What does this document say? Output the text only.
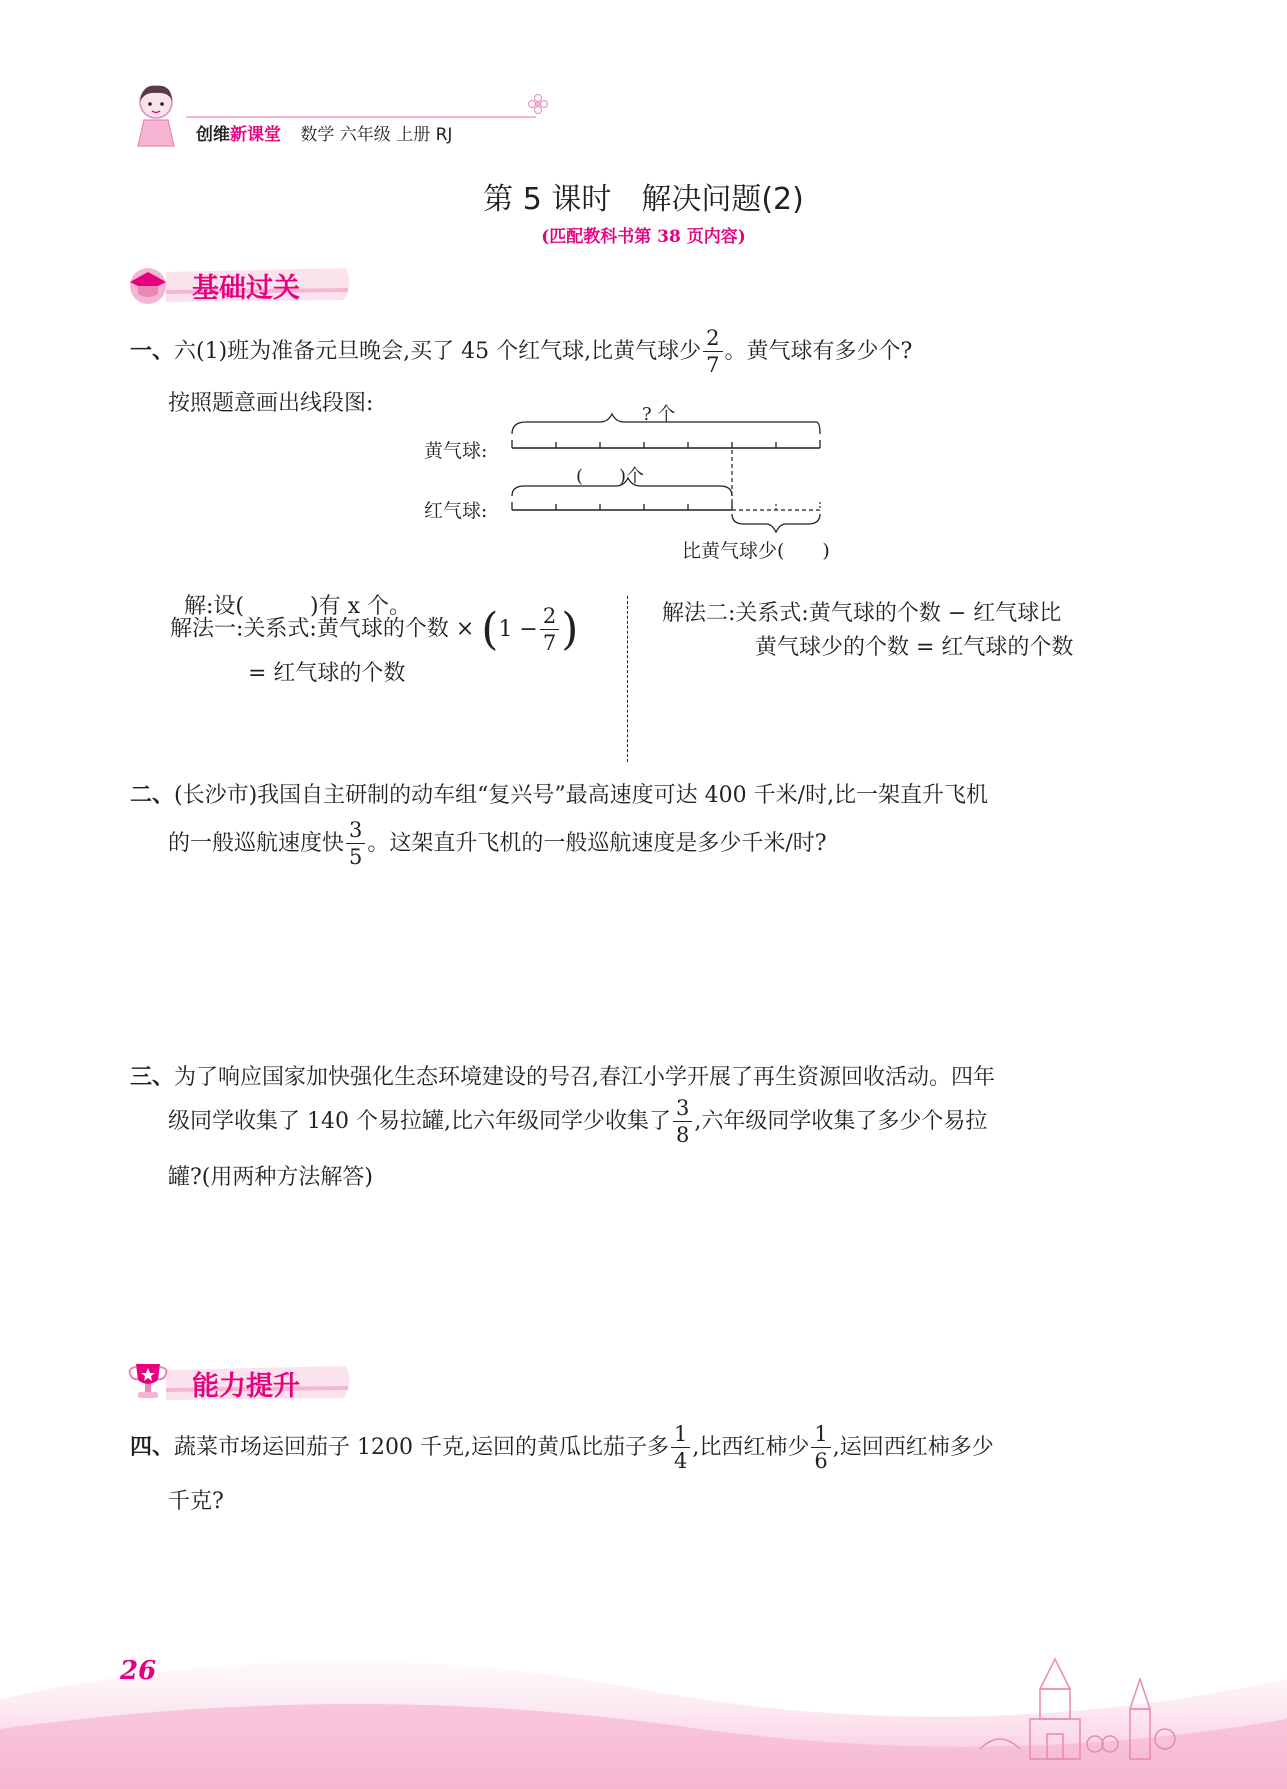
创维新课堂 数学 六年级 上册 RJ
第 5 课时　解决问题(2)
(匹配教科书第 38 页内容)
基础过关
一、六(1)班为准备元旦晚会,买了 45 个红气球,比黄气球少 $\frac{2}{7}$ 。黄气球有多少个?
按照题意画出线段图:	? 个
黄气球:
(　　)个
红气球:
比黄气球少(　　)

解:设(　　　)有 x 个。

解法一:关系式:黄气球的个数 × ($1 - \frac{2}{7}$ )
= 红气球的个数
解法二:关系式:黄气球的个数 − 红气球比
黄气球少的个数 = 红气球的个数
二、(长沙市)我国自主研制的动车组“复兴号”最高速度可达 400 千米/时,比一架直升飞机
的一般巡航速度快 $\frac{3}{5}$ 。这架直升飞机的一般巡航速度是多少千米/时?
三、为了响应国家加快强化生态环境建设的号召,春江小学开展了再生资源回收活动。四年
级同学收集了 140 个易拉罐,比六年级同学少收集了 $\frac{3}{8}$ ,六年级同学收集了多少个易拉
罐?(用两种方法解答)
能力提升
四、蔬菜市场运回茄子 1200 千克,运回的黄瓜比茄子多 $\frac{1}{4}$ ,比西红柿少 $\frac{1}{6}$ ,运回西红柿多少
千克?
26
